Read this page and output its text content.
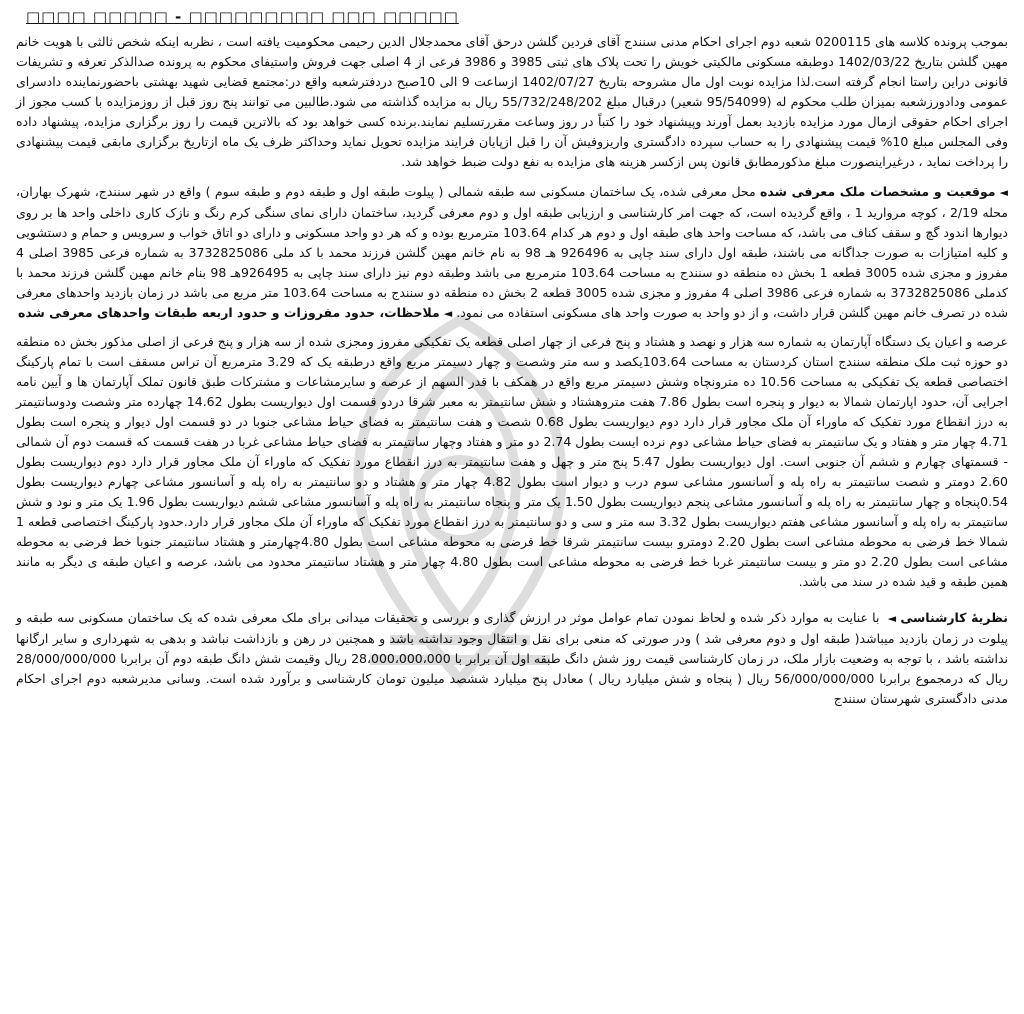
□□□□ □□□□□ - □□□□□□□□□ □□□ □□□□□

بموجب پرونده کلاسه های 0200115 شعبه دوم اجرای احکام مدنی سنندج آقای فردین گلشن درحق آقای محمدجلال الدین رحیمی محکومیت یافته است ، نظربه اینکه شخص ثالثی با هویت خانم مهین گلشن بتاریخ 1402/03/22 دوطبقه مسکونی مالکیتی خویش را تحت پلاک های ثبتی 3985 و 3986 فرعی از 4 اصلی جهت فروش واستیفای محکوم به پرونده صدالذکر تعرفه و تشریفات قانونی دراین راستا انجام گرفته است.لذا مزایده نوبت اول مال مشروحه بتاریخ 1402/07/27 ازساعت 9 الی 10صبح دردفترشعبه واقع در:مجتمع قضایی شهید بهشتی باحضورنماینده دادسرای عمومی ودادورزشعبه بمیزان طلب محکوم له (95/54099 شعیر) درقبال مبلغ 55/732/248/202 ریال به مزایده گذاشته می شود.طالبین می توانند پنج روز قبل از روزمزایده با کسب مجوز از اجرای احکام حقوقی ازمال مورد مزایده بازدید بعمل آورند وپیشنهاد خود را کتباً در روز وساعت مقررتسلیم نمایند.برنده کسی خواهد بود که بالاترین قیمت را روز برگزاری مزایده، پیشنهاد داده وفی المجلس مبلغ 10% قیمت پیشنهادی را به حساب سپرده دادگستری واریزوفیش آن را قبل ازپایان فرایند مزایده تحویل نماید وحداکثر ظرف یک ماه ازتاریخ برگزاری مابقی قیمت پیشنهادی را پرداخت نماید ، درغیراینصورت مبلغ مذکورمطابق قانون پس ازکسر هزینه های مزایده به نفع دولت ضبط خواهد شد.

◄موقعیت و مشخصات ملک معرفی شده محل معرفی شده، یک ساختمان مسکونی سه طبقه شمالی ( پیلوت طبقه اول و طبقه دوم و طبقه سوم ) واقع در شهر سنندج، شهرک بهاران، محله 2/19 ، کوچه مروارید 1 ، واقع گردیده است، که جهت امر کارشناسی و ارزیابی طبقه اول و دوم معرفی گردید، ساختمان دارای نمای سنگی کرم رنگ و نازک کاری داخلی واحد ها بر روی دیوارها اندود گچ و سقف کناف می باشد، که مساحت واحد های طبقه اول و دوم هر کدام 103.64 مترمربع بوده و که هر دو واحد مسکونی و دارای دو اتاق خواب و سرویس و حمام و دستشویی و کلیه امتیازات به صورت جداگانه می باشند، طبقه اول دارای سند چاپی به 926496 هـ 98 به نام خانم مهین گلشن فرزند محمد با کد ملی 3732825086 به شماره فرعی 3985 اصلی 4 مفروز و مجزی شده 3005 قطعه 1 بخش ده منطقه دو سنندج به مساحت 103.64 مترمربع می باشد وطبقه دوم نیز دارای سند چاپی به 926495هـ 98 بنام خانم مهین گلشن فرزند محمد با کدملی 3732825086 به شماره فرعی 3986 اصلی 4 مفروز و مجزی شده 3005 قطعه 2 بخش ده منطقه دو سنندج به مساحت 103.64 متر مربع می باشد در زمان بازدید واحدهای معرفی شده در تصرف خانم مهین گلشن قرار داشت، و از دو واحد به صورت واحد های مسکونی استفاده می نمود. ◄ملاحظات، حدود مفروزات و حدود اربعه طبقات واحدهای معرفی شده

عرصه و اعیان یک دستگاه آپارتمان به شماره سه هزار و نهصد و هشتاد و پنج فرعی از چهار اصلی قطعه یک تفکیکی مفروز ومجزی شده از سه هزار و پنج فرعی از اصلی مذکور بخش ده منطقه دو حوزه ثبت ملک منطقه سنندج استان کردستان به مساحت 103.64یکصد و سه متر وشصت و چهار دسیمتر مربع واقع درطبقه یک که 3.29 مترمربع آن تراس مسقف است با تمام پارکینگ اختصاصی قطعه یک تفکیکی به مساحت 10.56 ده مترونچاه وشش دسیمتر مربع واقع در همکف با قدر السهم از عرصه و سایرمشاعات و مشترکات طبق قانون تملک آپارتمان ها و آیین نامه اجرایی آن، حدود اپارتمان شمالا به دیوار و پنجره است بطول 7.86 هفت متروهشتاد و شش سانتیمتر به معبر شرقا دردو قسمت اول دیواریست بطول 14.62 چهارده متر وشصت ودوسانتیمتر به درز انقطاع مورد تفکیک که ماوراء آن ملک مجاور قرار دارد دوم دیواریست بطول 0.68 شصت و هفت سانتیمتر به فضای حیاط مشاعی جنوبا در دو قسمت اول دیوار و پنجره است بطول 4.71 چهار متر و هفتاد و یک سانتیمتر به فضای حیاط مشاعی دوم نرده ایست بطول 2.74 دو متر و هفتاد وچهار سانتیمتر به فضای حیاط مشاعی غربا در هفت قسمت که قسمت دوم آن شمالی - قسمتهای چهارم و ششم آن جنوبی است. اول دیواریست بطول 5.47 پنج متر و چهل و هفت سانتیمتر به درز انقطاع مورد تفکیک که ماوراء آن ملک مجاور قرار دارد دوم دیواریست بطول 2.60 دومتر و شصت سانتیمتر به راه پله و آسانسور مشاعی سوم درب و دیوار است بطول 4.82 چهار متر و هشتاد و دو سانتیمتر به راه پله و آسانسور مشاعی چهارم دیواریست بطول 0.54پنجاه و چهار سانتیمتر به راه پله و آسانسور مشاعی پنجم دیواریست بطول 1.50 یک متر و پنجاه سانتیمتر به راه پله و آسانسور مشاعی ششم دیواریست بطول 1.96 یک متر و نود و شش سانتیمتر به راه پله و آسانسور مشاعی هفتم دیواریست بطول 3.32 سه متر و سی و دو سانتیمتر به درز انقطاع مورد تفکیک که ماوراء آن ملک مجاور قرار دارد.حدود پارکینگ اختصاصی قطعه 1 شمالا خط فرضی به محوطه مشاعی است بطول 2.20 دومترو بیست سانتیمتر شرقا خط فرضی به محوطه مشاعی است بطول 4.80چهارمتر و هشتاد سانتیمتر جنوبا خط فرضی به محوطه مشاعی است بطول 2.20 دو متر و بیست سانتیمتر غربا خط فرضی به محوطه مشاعی است بطول 4.80 چهار متر و هشتاد سانتیمتر محدود می باشد، عرصه و اعیان طبقه ی دیگر به مانند همین طبقه و قید شده در سند می باشد.

نظریۀ کارشناسی ◄ با عنایت به موارد ذکر شده و لحاظ نمودن تمام عوامل موثر در ارزش گذاری و بررسی و تحقیقات میدانی برای ملک معرفی شده که یک ساختمان مسکونی سه طبقه و پیلوت در زمان بازدید میباشد( طبقه اول و دوم معرفی شد ) ودر صورتی که منعی برای نقل و انتقال وجود نداشته باشد و همچنین در رهن و بازداشت نباشد و بدهی به شهرداری و سایر ارگانها نداشته باشد ، با توجه به وضعیت بازار ملک، در زمان کارشناسی قیمت روز شش دانگ طبقه اول آن برابر با 28،000،000،000 ریال وقیمت شش دانگ طبقه دوم آن برابربا 28/000/000/000 ریال که درمجموع برابربا 56/000/000/000 ریال ( پنجاه و شش میلیارد ریال ) معادل پنج میلیارد ششصد میلیون تومان کارشناسی و برآورد شده است. وسانی مدیرشعبه دوم اجرای احکام مدنی دادگستری شهرستان سنندج
